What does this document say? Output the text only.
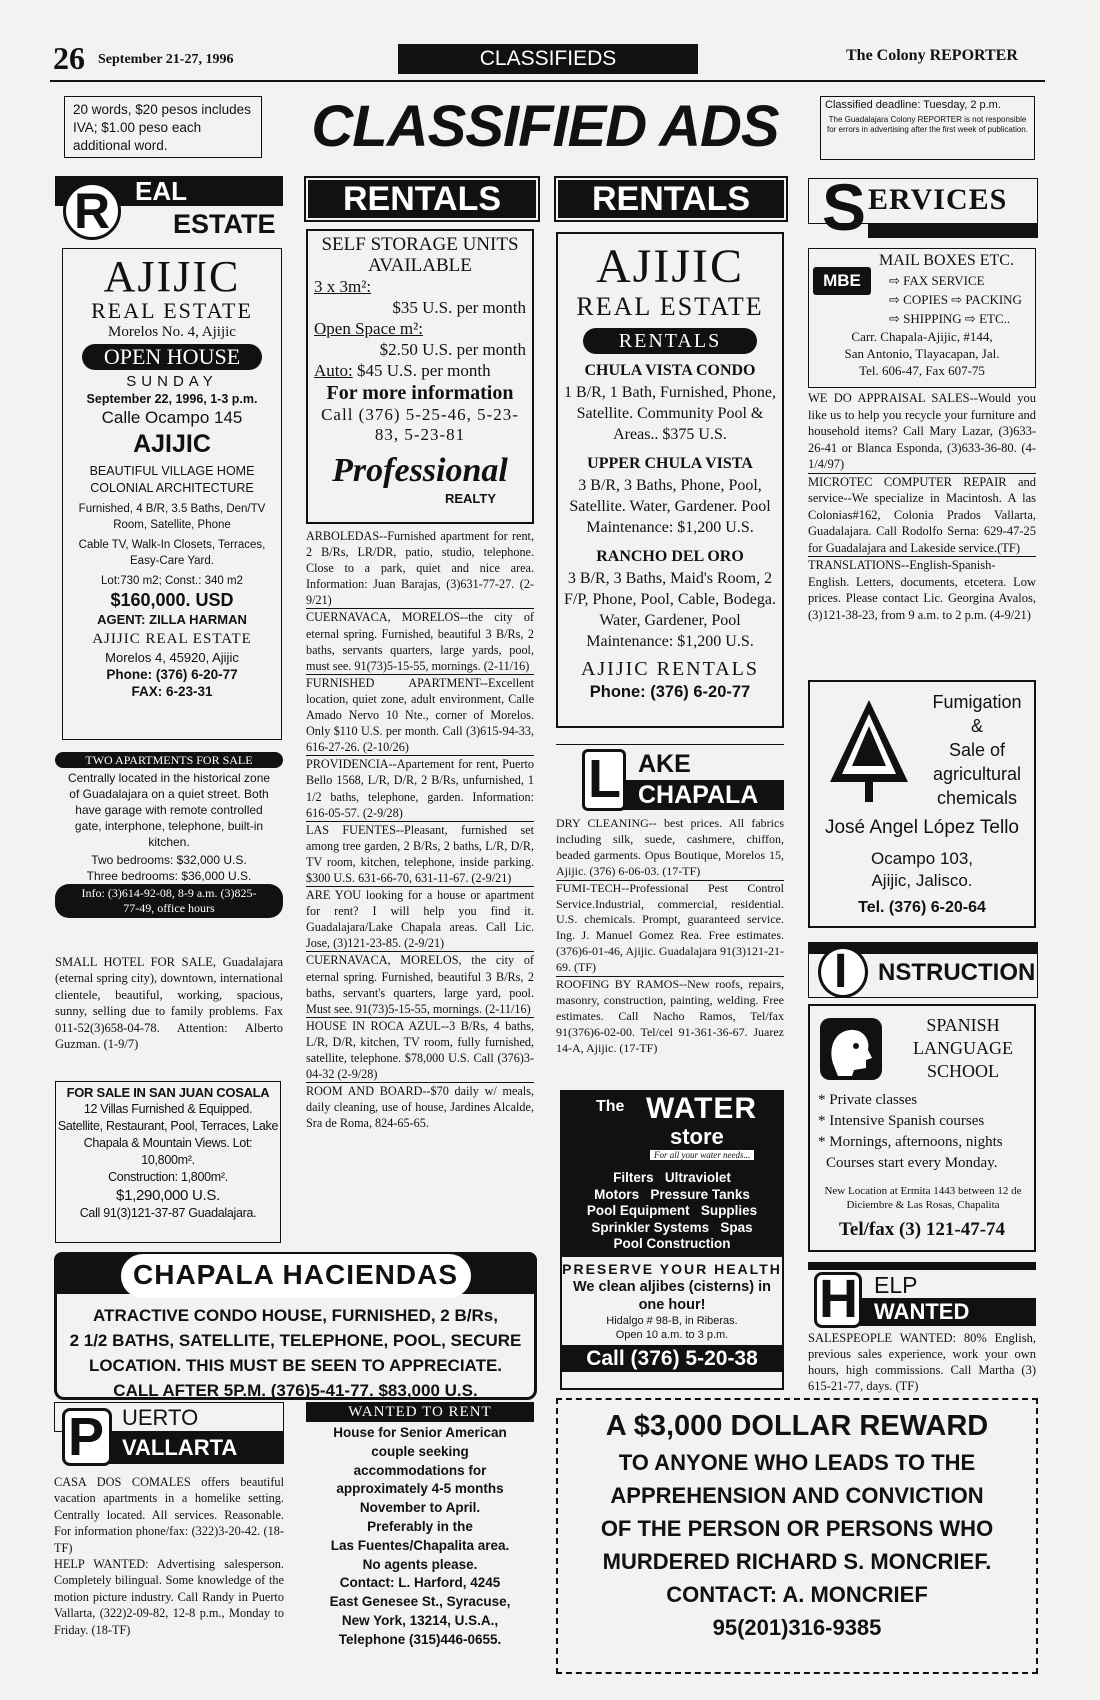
26 September 21-27, 1996	CLASSIFIEDS	The Colony REPORTER
20 words, $20 pesos includes IVA; $1.00 peso each additional word.	CLASSIFIED ADS	Classified deadline: Tuesday, 2 p.m.
The Guadalajara Colony REPORTER is not responsible for errors in advertising after the first week of publication.
R EAL
ESTATE
AJIJIC
REAL ESTATE
Morelos No. 4, Ajijic
OPEN HOUSE
SUNDAY
September 22, 1996, 1-3 p.m.
Calle Ocampo 145
AJIJIC
BEAUTIFUL VILLAGE HOME
COLONIAL ARCHITECTURE
Furnished, 4 B/R, 3.5 Baths, Den/TV Room, Satellite, Phone
Cable TV, Walk-In Closets, Terraces, Easy-Care Yard.
Lot:730 m2; Const.: 340 m2
$160,000. USD
AGENT: ZILLA HARMAN
AJIJIC REAL ESTATE
Morelos 4, 45920, Ajijic
Phone: (376) 6-20-77
FAX: 6-23-31
TWO APARTMENTS FOR SALE
Centrally located in the historical zone of Guadalajara on a quiet street. Both have garage with remote controlled gate, interphone, telephone, built-in kitchen.
Two bedrooms: $32,000 U.S.
Three bedrooms: $36,000 U.S.
Info: (3)614-92-08, 8-9 a.m. (3)825-77-49, office hours
SMALL HOTEL FOR SALE, Guadalajara (eternal spring city), downtown, international clientele, beautiful, working, spacious, sunny, selling due to family problems. Fax 011-52(3)658-04-78. Attention: Alberto Guzman. (1-9/7)
FOR SALE IN SAN JUAN COSALA
12 Villas Furnished & Equipped.
Satellite, Restaurant, Pool, Terraces, Lake Chapala & Mountain Views. Lot: 10,800m².
Construction: 1,800m².
$1,290,000 U.S.
Call 91(3)121-37-87 Guadalajara.
RENTALS
SELF STORAGE UNITS
AVAILABLE
3 x 3m²:
$35 U.S. per month
Open Space m²:
$2.50 U.S. per month
Auto: $45 U.S. per month
For more information
Call (376) 5-25-46, 5-23-83, 5-23-81
Professional
REALTY

ARBOLEDAS--Furnished apartment for rent, 2 B/Rs, LR/DR, patio, studio, telephone. Close to a park, quiet and nice area. Information: Juan Barajas, (3)631-77-27. (2-9/21)

CUERNAVACA, MORELOS--the city of eternal spring. Furnished, beautiful 3 B/Rs, 2 baths, servants quarters, large yards, pool, must see. 91(73)5-15-55, mornings. (2-11/16)

FURNISHED APARTMENT--Excellent location, quiet zone, adult environment, Calle Amado Nervo 10 Nte., corner of Morelos. Only $110 U.S. per month. Call (3)615-94-33, 616-27-26. (2-10/26)

PROVIDENCIA--Apartement for rent, Puerto Bello 1568, L/R, D/R, 2 B/Rs, unfurnished, 1 1/2 baths, telephone, garden. Information: 616-05-57. (2-9/28)

LAS FUENTES--Pleasant, furnished set among tree garden, 2 B/Rs, 2 baths, L/R, D/R, TV room, kitchen, telephone, inside parking. $300 U.S. 631-66-70, 631-11-67. (2-9/21)

ARE YOU looking for a house or apartment for rent? I will help you find it. Guadalajara/Lake Chapala areas. Call Lic. Jose, (3)121-23-85. (2-9/21)

CUERNAVACA, MORELOS, the city of eternal spring. Furnished, beautiful 3 B/Rs, 2 baths, servant's quarters, large yard, pool. Must see. 91(73)5-15-55, mornings. (2-11/16)

HOUSE IN ROCA AZUL--3 B/Rs, 4 baths, L/R, D/R, kitchen, TV room, fully furnished, satellite, telephone. $78,000 U.S. Call (376)3-04-32 (2-9/28)

ROOM AND BOARD--$70 daily w/ meals, daily cleaning, use of house, Jardines Alcalde, Sra de Roma, 824-65-65.

RENTALS
AJIJIC
REAL ESTATE
RENTALS
CHULA VISTA CONDO
1 B/R, 1 Bath, Furnished, Phone, Satellite. Community Pool & Areas.. $375 U.S.
UPPER CHULA VISTA
3 B/R, 3 Baths, Phone, Pool, Satellite. Water, Gardener. Pool Maintenance: $1,200 U.S.
RANCHO DEL ORO
3 B/R, 3 Baths, Maid's Room, 2 F/P, Phone, Pool, Cable, Bodega. Water, Gardener, Pool Maintenance: $1,200 U.S.
AJIJIC RENTALS
Phone: (376) 6-20-77
CHAPALA
L AKE

DRY CLEANING-- best prices. All fabrics including silk, suede, cashmere, chiffon, beaded garments. Opus Boutique, Morelos 15, Ajijic. (376) 6-06-03. (17-TF)

FUMI-TECH--Professional Pest Control Service.Industrial, commercial, residential. U.S. chemicals. Prompt, guaranteed service. Ing. J. Manuel Gomez Rea. Free estimates. (376)6-01-46, Ajijic. Guadalajara 91(3)121-21-69. (TF)

ROOFING BY RAMOS--New roofs, repairs, masonry, construction, painting, welding. Free estimates. Call Nacho Ramos, Tel/fax 91(376)6-02-00. Tel/cel 91-361-36-67. Juarez 14-A, Ajijic. (17-TF)

The WATER
store
For all your water needs...
Filters Ultraviolet
Motors Pressure Tanks
Pool Equipment Supplies
Sprinkler Systems Spas
Pool Construction
PRESERVE YOUR HEALTH
We clean aljibes (cisterns) in one hour!
Hidalgo # 98-B, in Riberas.
Open 10 a.m. to 3 p.m.
Call (376) 5-20-38
S ERVICES
MBE
MAIL BOXES ETC.
⇨ FAX SERVICE
⇨ COPIES ⇨ PACKING
⇨ SHIPPING ⇨ ETC..
Carr. Chapala-Ajijic, #144,
San Antonio, Tlayacapan, Jal.
Tel. 606-47, Fax 607-75

WE DO APPRAISAL SALES--Would you like us to help you recycle your furniture and household items? Call Mary Lazar, (3)633-26-41 or Blanca Esponda, (3)633-36-80. (4-1/4/97)

MICROTEC COMPUTER REPAIR and service--We specialize in Macintosh. A las Colonias#162, Colonia Prados Vallarta, Guadalajara. Call Rodolfo Serna: 629-47-25 for Guadalajara and Lakeside service.(TF)

TRANSLATIONS--English-Spanish-English. Letters, documents, etcetera. Low prices. Please contact Lic. Georgina Avalos, (3)121-38-23, from 9 a.m. to 2 p.m. (4-9/21)

Fumigation
&
Sale of
agricultural
chemicals
José Angel López Tello
Ocampo 103,
Ajijic, Jalisco.
Tel. (376) 6-20-64
I NSTRUCTION
SPANISH
LANGUAGE
SCHOOL
* Private classes
* Intensive Spanish courses
* Mornings, afternoons, nights
Courses start every Monday.
New Location at Ermita 1443 between 12 de Diciembre & Las Rosas, Chapalita
Tel/fax (3) 121-47-74
WANTED
H ELP
SALESPEOPLE WANTED: 80% English, previous sales experience, work your own hours, high commissions. Call Martha (3) 615-21-77, days. (TF)
CHAPALA HACIENDAS
ATRACTIVE CONDO HOUSE, FURNISHED, 2 B/Rs,
2 1/2 BATHS, SATELLITE, TELEPHONE, POOL, SECURE
LOCATION. THIS MUST BE SEEN TO APPRECIATE.
CALL AFTER 5P.M. (376)5-41-77. $83,000 U.S.
VALLARTA
P UERTO

CASA DOS COMALES offers beautiful vacation apartments in a homelike setting. Centrally located. All services. Reasonable. For information phone/fax: (322)3-20-42. (18-TF)

HELP WANTED: Advertising salesperson. Completely bilingual. Some knowledge of the motion picture industry. Call Randy in Puerto Vallarta, (322)2-09-82, 12-8 p.m., Monday to Friday. (18-TF)

WANTED TO RENT
House for Senior American
couple seeking
accommodations for
approximately 4-5 months
November to April.
Preferably in the
Las Fuentes/Chapalita area.
No agents please.
Contact: L. Harford, 4245
East Genesee St., Syracuse,
New York, 13214, U.S.A.,
Telephone (315)446-0655.
A $3,000 DOLLAR REWARD
TO ANYONE WHO LEADS TO THE
APPREHENSION AND CONVICTION
OF THE PERSON OR PERSONS WHO
MURDERED RICHARD S. MONCRIEF.
CONTACT: A. MONCRIEF
95(201)316-9385
